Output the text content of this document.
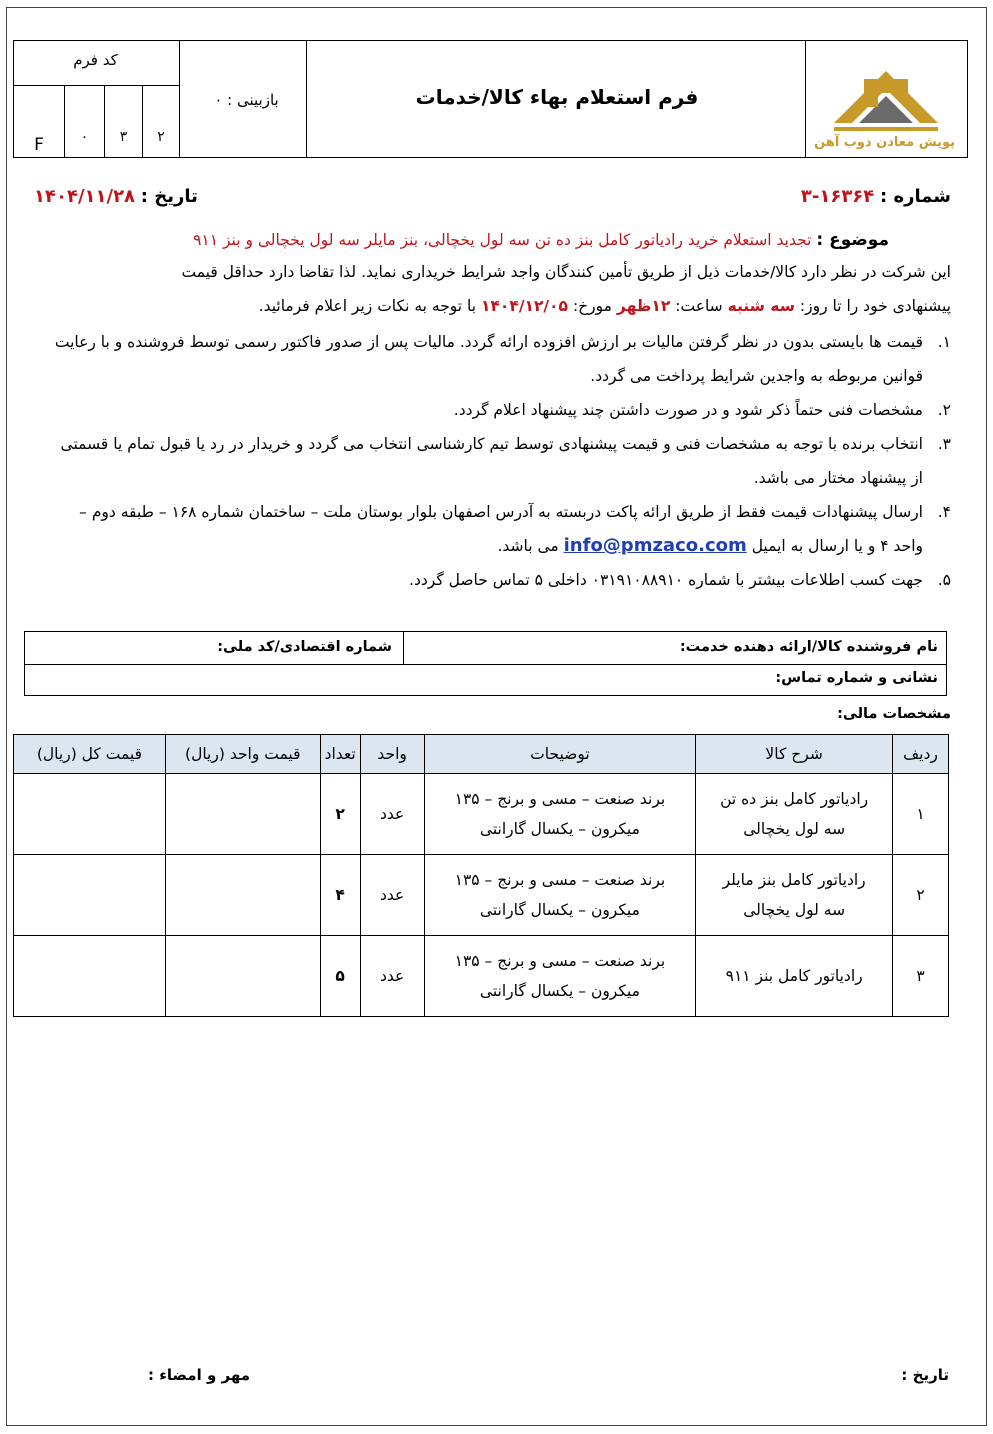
کد فرم
۲
۳
۰
F
بازبینی : ۰	فرم استعلام بهاء کالا/خدمات
پویش معادن ذوب آهن
شماره : ۱۶۳۶۴-۳
تاریخ : ۱۴۰۴/۱۱/۲۸
موضوع : تجدید استعلام خرید رادیاتور کامل بنز ده تن سه لول یخچالی، بنز مایلر سه لول یخچالی و بنز ۹۱۱
این شرکت در نظر دارد کالا/خدمات ذیل از طریق تأمین کنندگان واجد شرایط خریداری نماید. لذا تقاضا دارد حداقل قیمت
پیشنهادی خود را تا روز: سه شنبه ساعت: ۱۲ظهر مورخ: ۱۴۰۴/۱۲/۰۵ با توجه به نکات زیر اعلام فرمائید.
۱.
قیمت ها بایستی بدون در نظر گرفتن مالیات بر ارزش افزوده ارائه گردد. مالیات پس از صدور فاکتور رسمی توسط فروشنده و با رعایت قوانین مربوطه به واجدین شرایط پرداخت می گردد.
۲.
مشخصات فنی حتماً ذکر شود و در صورت داشتن چند پیشنهاد اعلام گردد.
۳.
انتخاب برنده با توجه به مشخصات فنی و قیمت پیشنهادی توسط تیم کارشناسی انتخاب می گردد و خریدار در رد یا قبول تمام یا قسمتی از پیشنهاد مختار می باشد.
۴.
ارسال پیشنهادات قیمت فقط از طریق ارائه پاکت دربسته به آدرس اصفهان بلوار بوستان ملت – ساختمان شماره ۱۶۸ – طبقه دوم – واحد ۴ و یا ارسال به ایمیل info@pmzaco.com می باشد.
۵.
جهت کسب اطلاعات بیشتر با شماره ۰۳۱۹۱۰۸۸۹۱۰ داخلی ۵ تماس حاصل گردد.
نام فروشنده کالا/ارائه دهنده خدمت:
شماره اقتصادی/کد ملی:
نشانی و شماره تماس:
مشخصات مالی:
ردیف	شرح کالا	توضیحات	واحد	تعداد	قیمت واحد (ریال)	قیمت کل (ریال)
۱	رادیاتور کامل بنز ده تن سه لول یخچالی	برند صنعت – مسی و برنج – ۱۳۵ میکرون – یکسال گارانتی	عدد	۲		
۲	رادیاتور کامل بنز مایلر سه لول یخچالی	برند صنعت – مسی و برنج – ۱۳۵ میکرون – یکسال گارانتی	عدد	۴		
۳	رادیاتور کامل بنز ۹۱۱	برند صنعت – مسی و برنج – ۱۳۵ میکرون – یکسال گارانتی	عدد	۵		
تاریخ :
مهر و امضاء :
